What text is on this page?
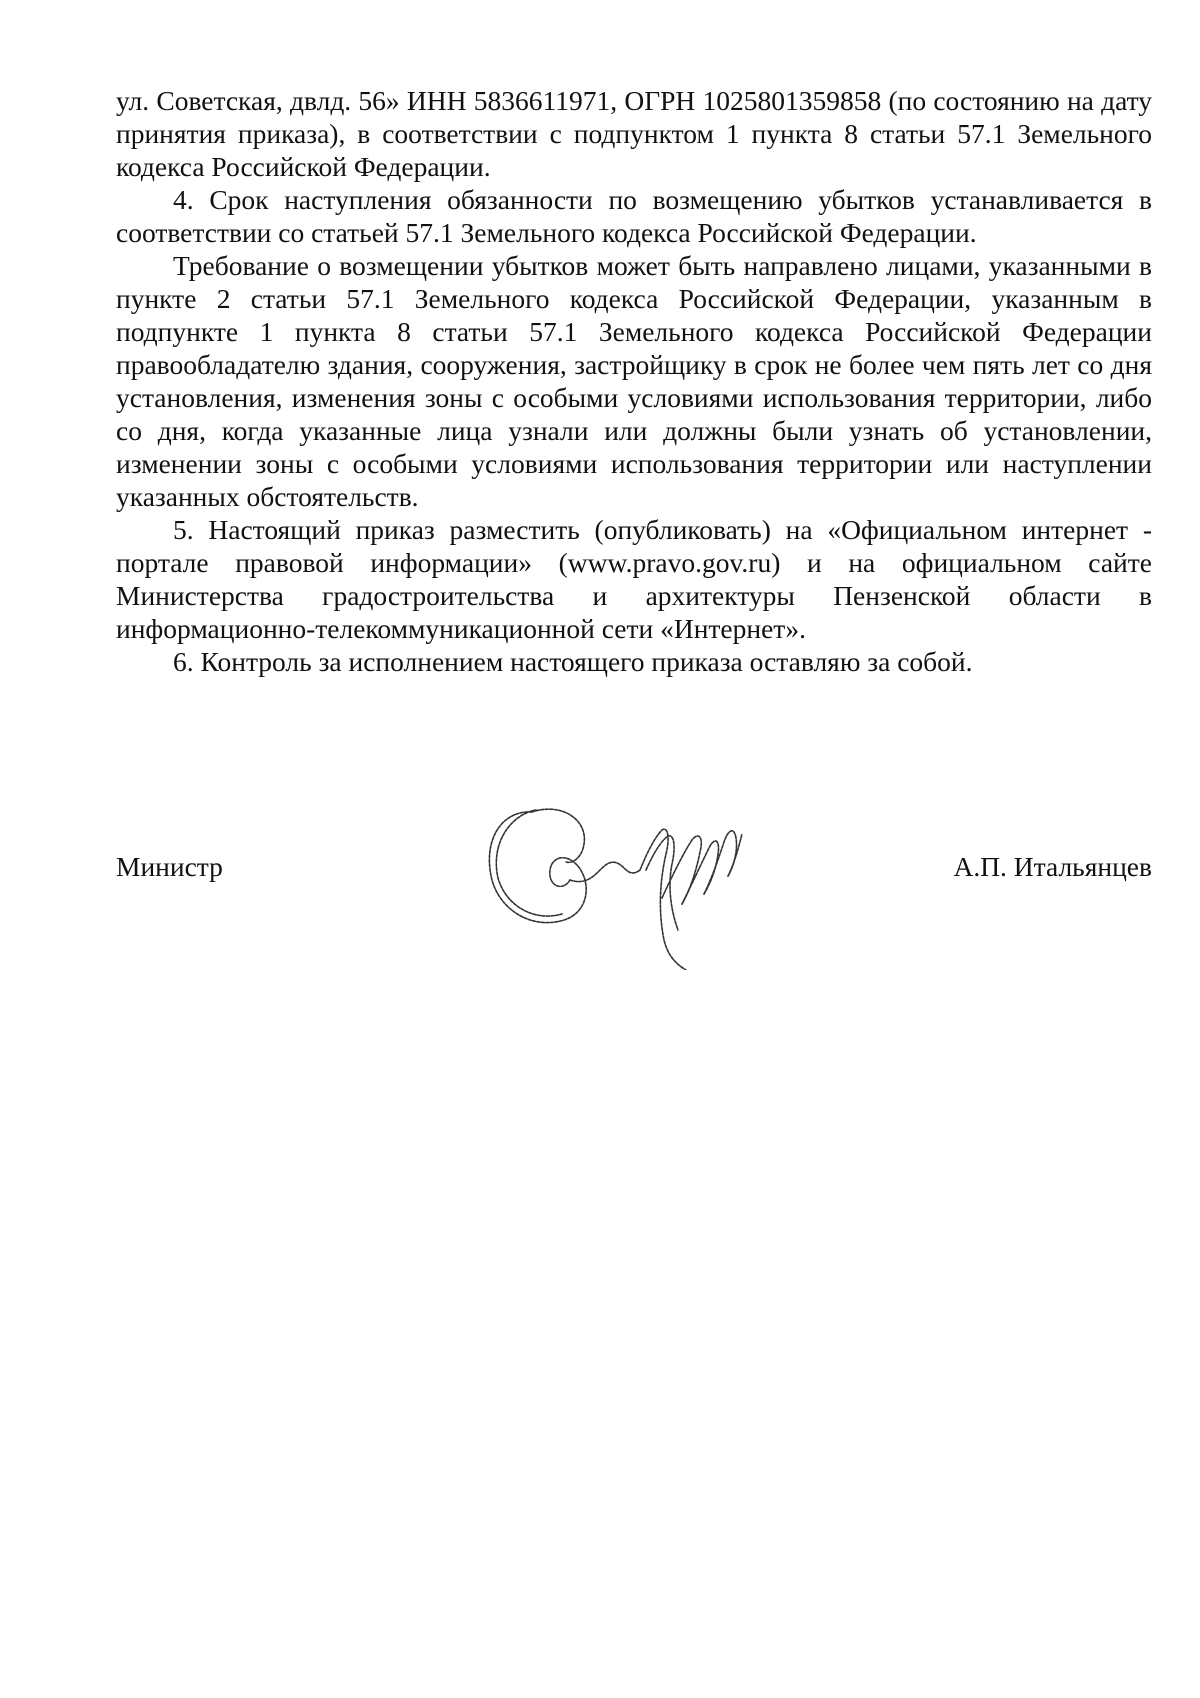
ул. Советская, двлд. 56» ИНН 5836611971, ОГРН 1025801359858 (по состоянию на дату принятия приказа), в соответствии с подпунктом 1 пункта 8 статьи 57.1 Земельного кодекса Российской Федерации.

4. Срок наступления обязанности по возмещению убытков устанавливается в соответствии со статьей 57.1 Земельного кодекса Российской Федерации.

Требование о возмещении убытков может быть направлено лицами, указанными в пункте 2 статьи 57.1 Земельного кодекса Российской Федерации, указанным в подпункте 1 пункта 8 статьи 57.1 Земельного кодекса Российской Федерации правообладателю здания, сооружения, застройщику в срок не более чем пять лет со дня установления, изменения зоны с особыми условиями использования территории, либо со дня, когда указанные лица узнали или должны были узнать об установлении, изменении зоны с особыми условиями использования территории или наступлении указанных обстоятельств.

5. Настоящий приказ разместить (опубликовать) на «Официальном интернет - портале правовой информации» (www.pravo.gov.ru) и на официальном сайте Министерства градостроительства и архитектуры Пензенской области в информационно-телекоммуникационной сети «Интернет».

6. Контроль за исполнением настоящего приказа оставляю за собой.

Министр	А.П. Итальянцев
